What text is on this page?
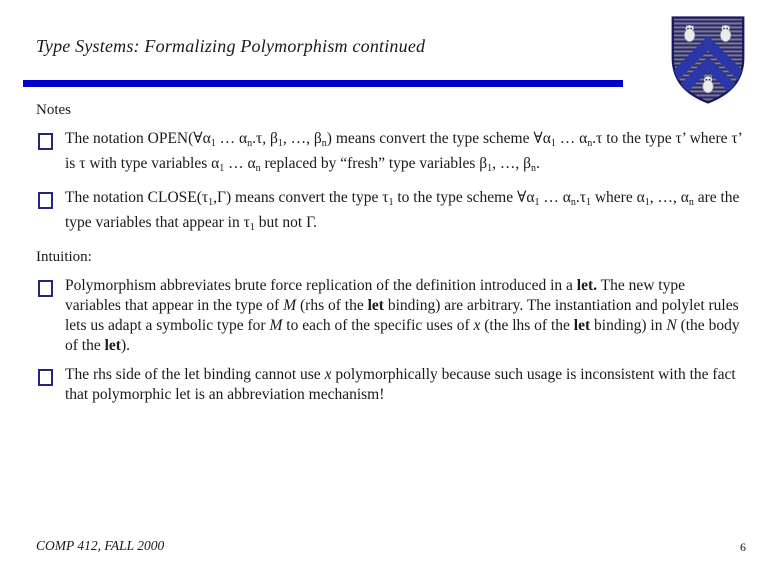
Type Systems: Formalizing Polymorphism continued
Notes
The notation $OPEN(\forall\alpha_1$ … $\alpha_n.\tau$, $\beta_1$, …, $\beta_n$) means convert the type scheme $\forall\alpha_1$ … $\alpha_n.\tau$ to the type τ’ where τ’ is τ with type variables $\alpha_1$ … $\alpha_n$ replaced by “fresh” type variables $\beta_1$, …, $\beta_n$.
The notation $CLOSE(\tau_1,\Gamma)$ means convert the type $\tau_1$ to the type scheme $\forall\alpha_1$ … $\alpha_n.\tau_1$ where $\alpha_1$, …, $\alpha_n$ are the type variables that appear in $\tau_1$ but not Γ.
Intuition:
Polymorphism abbreviates brute force replication of the definition introduced in a let. The new type variables that appear in the type of M (rhs of the let binding) are arbitrary. The instantiation and polylet rules lets us adapt a symbolic type for M to each of the specific uses of x (the lhs of the let binding) in N (the body of the let).
The rhs side of the let binding cannot use x polymorphically because such usage is inconsistent with the fact that polymorphic let is an abbreviation mechanism!
COMP 412, FALL 2000	6
